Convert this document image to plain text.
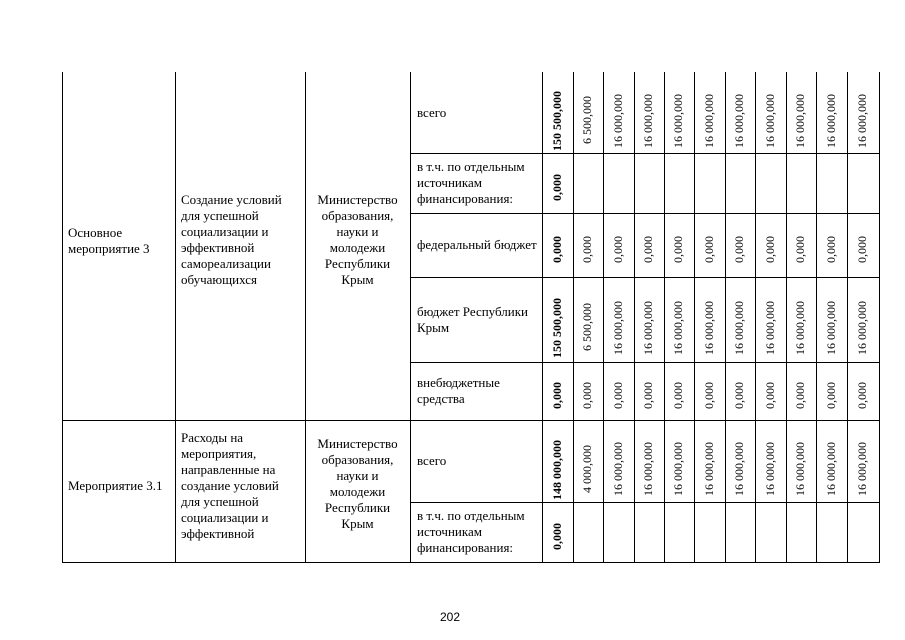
Основное мероприятие 3
Создание условий для успешной социализации и эффективной самореализации обучающихся
Министерство образования, науки и молодежи Республики Крым
Мероприятие 3.1
Расходы на мероприятия, направленные на создание условий для успешной социализации и эффективной
Министерство образования, науки и молодежи Республики Крым
всего
в т.ч. по отдельным источникам финансирования:
федеральный бюджет
бюджет Республики Крым
внебюджетные средства
всего
в т.ч. по отдельным источникам финансирования:
150 500,000 6 500,000 16 000,000 16 000,000 16 000,000 16 000,000 16 000,000 16 000,000 16 000,000 16 000,000 16 000,000
0,000
0,000 0,000 0,000 0,000 0,000 0,000 0,000 0,000 0,000 0,000 0,000
150 500,000 6 500,000 16 000,000 16 000,000 16 000,000 16 000,000 16 000,000 16 000,000 16 000,000 16 000,000 16 000,000
0,000 0,000 0,000 0,000 0,000 0,000 0,000 0,000 0,000 0,000 0,000
148 000,000 4 000,000 16 000,000 16 000,000 16 000,000 16 000,000 16 000,000 16 000,000 16 000,000 16 000,000 16 000,000
0,000
202
